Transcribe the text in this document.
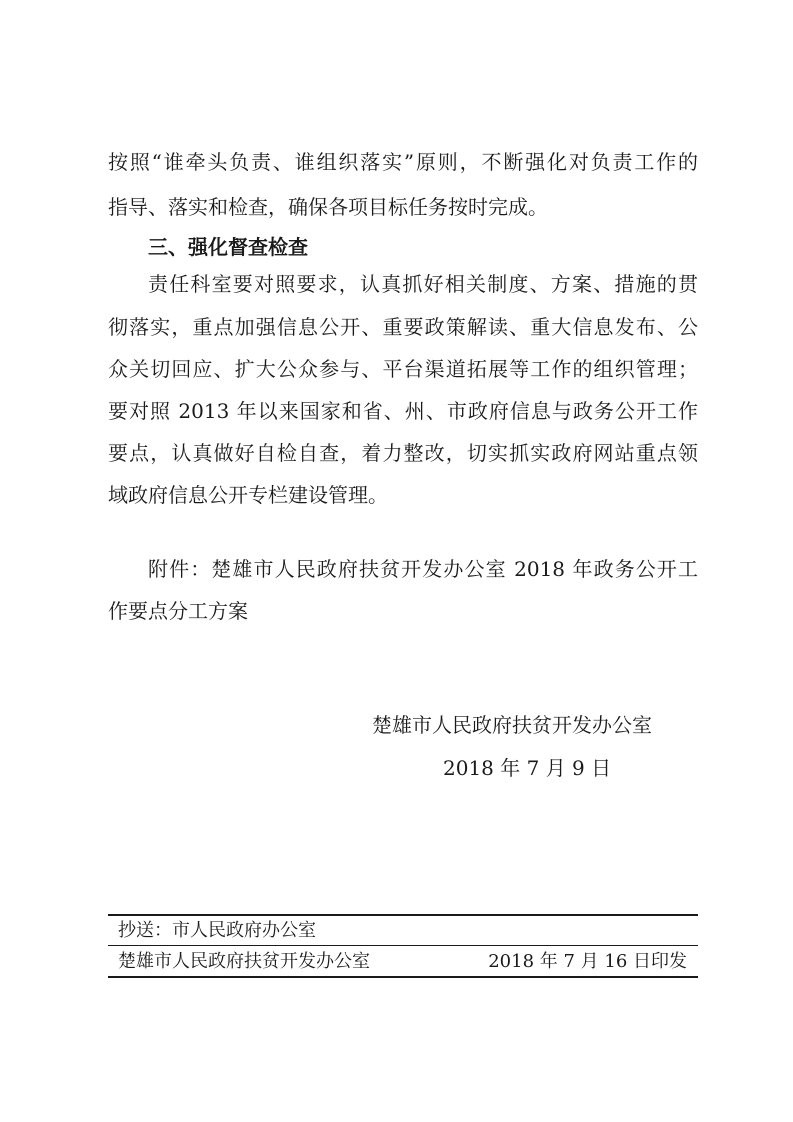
按照“谁牵头负责、谁组织落实”原则，不断强化对负责工作的
指导、落实和检查，确保各项目标任务按时完成。
三、强化督查检查
责任科室要对照要求，认真抓好相关制度、方案、措施的贯
彻落实，重点加强信息公开、重要政策解读、重大信息发布、公
众关切回应、扩大公众参与、平台渠道拓展等工作的组织管理；
要对照 2013 年以来国家和省、州、市政府信息与政务公开工作
要点，认真做好自检自查，着力整改，切实抓实政府网站重点领
域政府信息公开专栏建设管理。
附件：楚雄市人民政府扶贫开发办公室 2018 年政务公开工
作要点分工方案
楚雄市人民政府扶贫开发办公室
2018 年 7 月 9 日
抄送：市人民政府办公室
楚雄市人民政府扶贫开发办公室	2018 年 7 月 16 日印发
